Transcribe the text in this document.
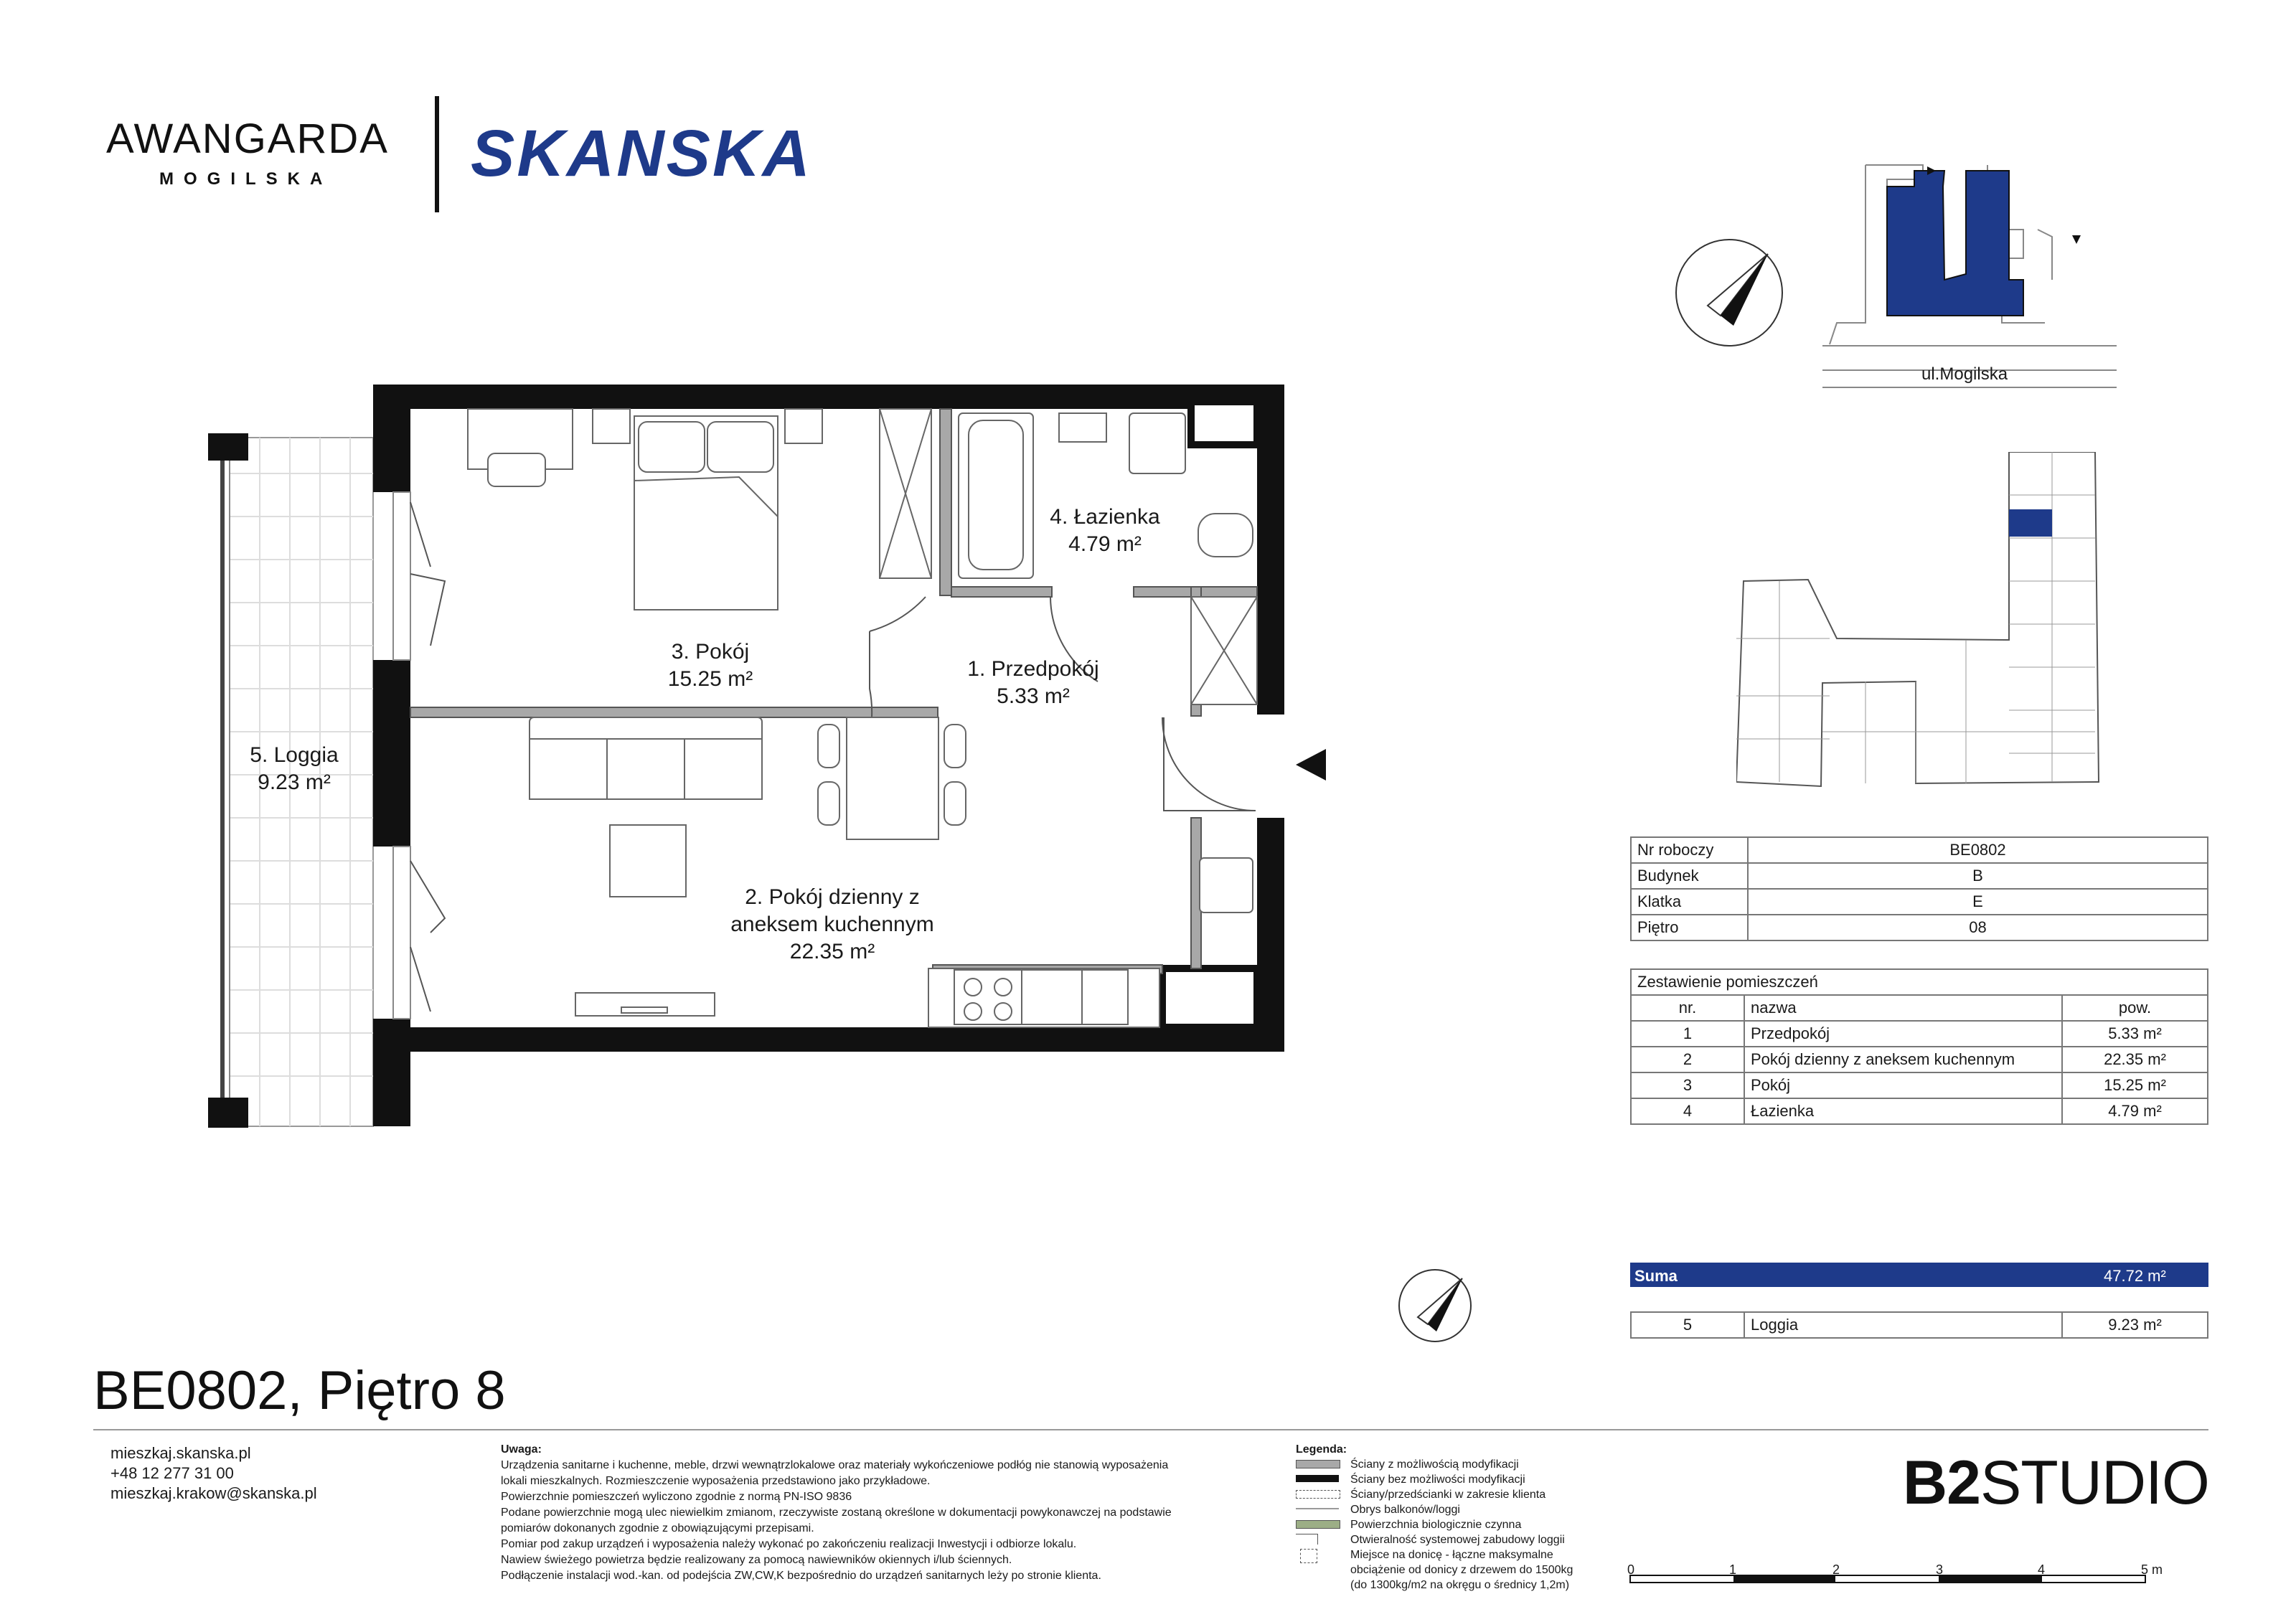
AWANGARDA
MOGILSKA SKANSKA
4. Łazienka
4.79 m²
1. Przedpokój
5.33 m²
3. Pokój
15.25 m²
2. Pokój dzienny z
aneksem kuchennym
22.35 m²
5. Loggia
9.23 m²
ul.Mogilska
Nr roboczy	BE0802
Budynek	B
Klatka	E
Piętro	08
Zestawienie pomieszczeń		
nr.	nazwa	pow.
1	Przedpokój	5.33 m²
2	Pokój dzienny z aneksem kuchennym	22.35 m²
3	Pokój	15.25 m²
4	Łazienka	4.79 m²
Suma	47.72 m²
5	Loggia	9.23 m²
BE0802, Piętro 8
mieszkaj.skanska.pl
+48 12 277 31 00
mieszkaj.krakow@skanska.pl
Uwaga:
Urządzenia sanitarne i kuchenne, meble, drzwi wewnątrzlokalowe oraz materiały wykończeniowe podłóg nie stanowią wyposażenia
lokali mieszkalnych. Rozmieszczenie wyposażenia przedstawiono jako przykładowe.
Powierzchnie pomieszczeń wyliczono zgodnie z normą PN-ISO 9836
Podane powierzchnie mogą ulec niewielkim zmianom, rzeczywiste zostaną określone w dokumentacji powykonawczej na podstawie
pomiarów dokonanych zgodnie z obowiązującymi przepisami.
Pomiar pod zakup urządzeń i wyposażenia należy wykonać po zakończeniu realizacji Inwestycji i odbiorze lokalu.
Nawiew świeżego powietrza będzie realizowany za pomocą nawiewników okiennych i/lub ściennych.
Podłączenie instalacji wod.-kan. od podejścia ZW,CW,K bezpośrednio do urządzeń sanitarnych leży po stronie klienta.
Legenda:
Ściany z możliwością modyfikacji
Ściany bez możliwości modyfikacji
Ściany/przedścianki w zakresie klienta
Obrys balkonów/loggi
Powierzchnia biologicznie czynna
Otwieralność systemowej zabudowy loggii
Miejsce na donicę - łączne maksymalne
obciążenie od donicy z drzewem do 1500kg
(do 1300kg/m2 na okręgu o średnicy 1,2m)
B2STUDIO
0	1	2	3	4	5 m
